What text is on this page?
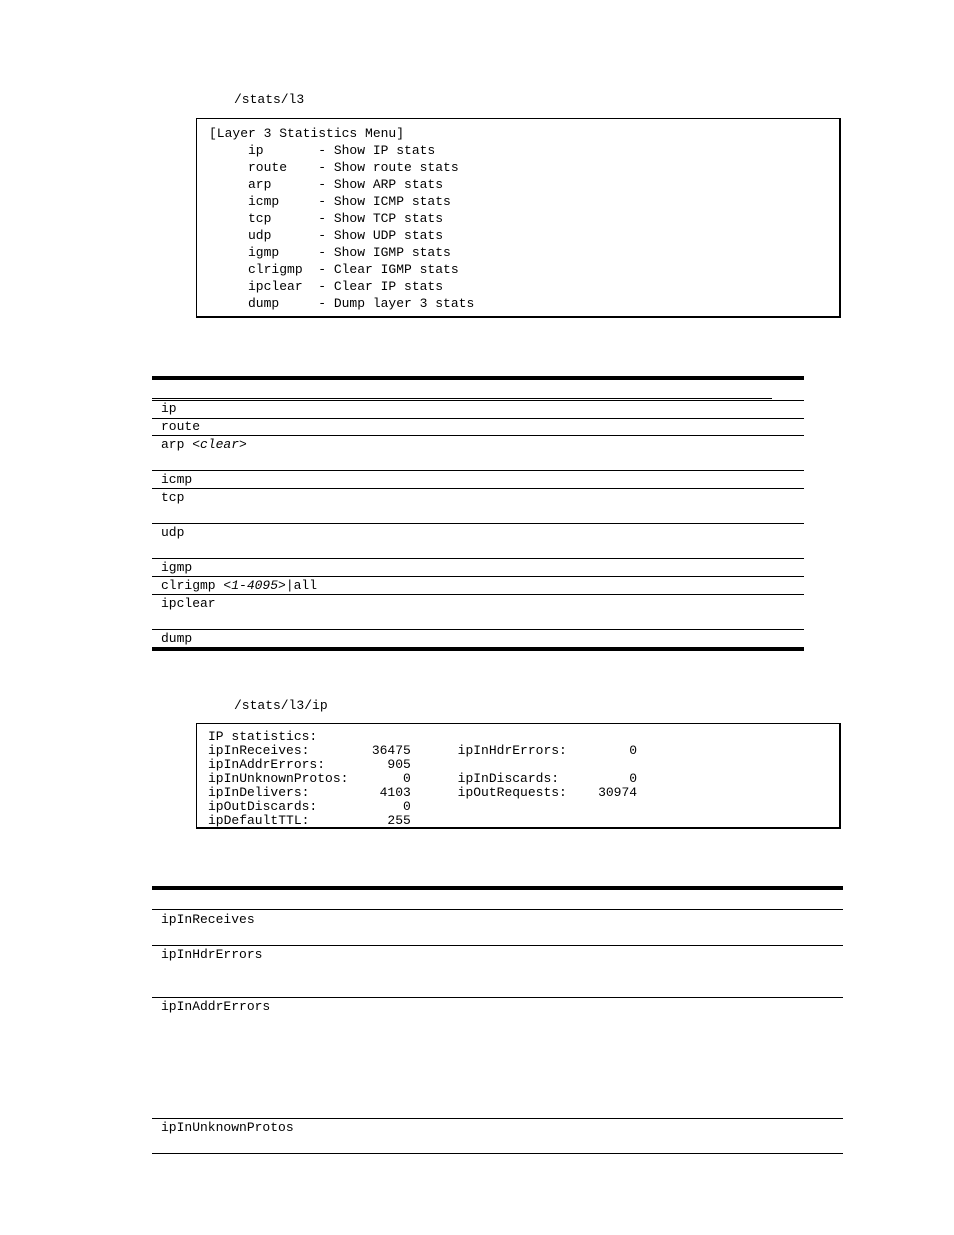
/stats/l3
[Layer 3 Statistics Menu]
ip       - Show IP stats
route    - Show route stats
arp      - Show ARP stats
icmp     - Show ICMP stats
tcp      - Show TCP stats
udp      - Show UDP stats
igmp     - Show IGMP stats
clrigmp  - Clear IGMP stats
ipclear  - Clear IP stats
dump     - Dump layer 3 stats
ip
route
arp <clear>
icmp
tcp
udp
igmp
clrigmp <1-4095>|all
ipclear
dump
/stats/l3/ip
IP statistics:
ipInReceives:        36475      ipInHdrErrors:        0
ipInAddrErrors:        905
ipInUnknownProtos:       0      ipInDiscards:         0
ipInDelivers:         4103      ipOutRequests:    30974
ipOutDiscards:           0
ipDefaultTTL:          255
ipInReceives
ipInHdrErrors
ipInAddrErrors
ipInUnknownProtos
